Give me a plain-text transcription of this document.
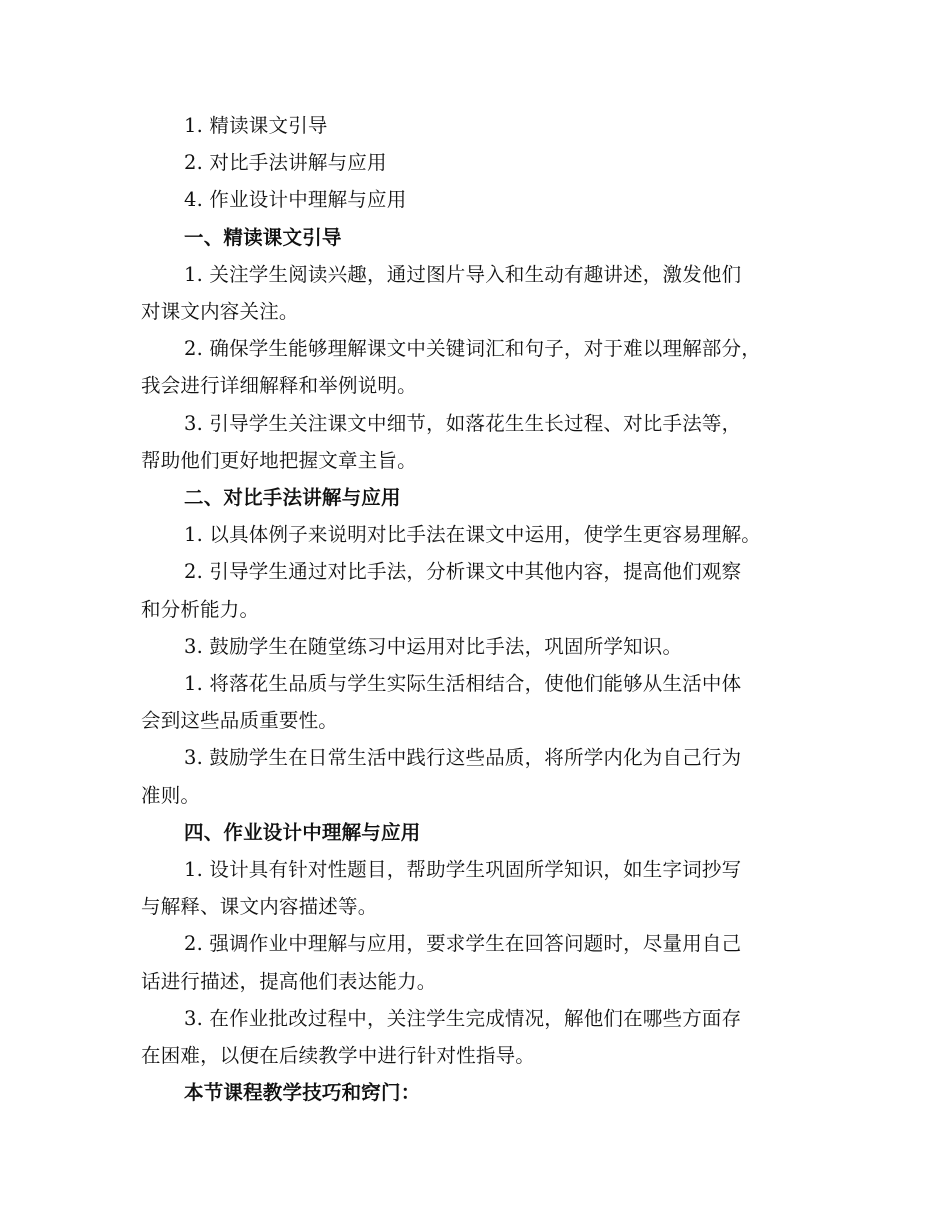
1. 精读课文引导

2. 对比手法讲解与应用

4. 作业设计中理解与应用

一、精读课文引导

1. 关注学生阅读兴趣，通过图片导入和生动有趣讲述，激发他们

对课文内容关注。

2. 确保学生能够理解课文中关键词汇和句子，对于难以理解部分，

我会进行详细解释和举例说明。

3. 引导学生关注课文中细节，如落花生生长过程、对比手法等，

帮助他们更好地把握文章主旨。

二、对比手法讲解与应用

1. 以具体例子来说明对比手法在课文中运用，使学生更容易理解。

2. 引导学生通过对比手法，分析课文中其他内容，提高他们观察

和分析能力。

3. 鼓励学生在随堂练习中运用对比手法，巩固所学知识。

1. 将落花生品质与学生实际生活相结合，使他们能够从生活中体

会到这些品质重要性。

3. 鼓励学生在日常生活中践行这些品质，将所学内化为自己行为

准则。

四、作业设计中理解与应用

1. 设计具有针对性题目，帮助学生巩固所学知识，如生字词抄写

与解释、课文内容描述等。

2. 强调作业中理解与应用，要求学生在回答问题时，尽量用自己

话进行描述，提高他们表达能力。

3. 在作业批改过程中，关注学生完成情况，解他们在哪些方面存

在困难，以便在后续教学中进行针对性指导。

本节课程教学技巧和窍门：
